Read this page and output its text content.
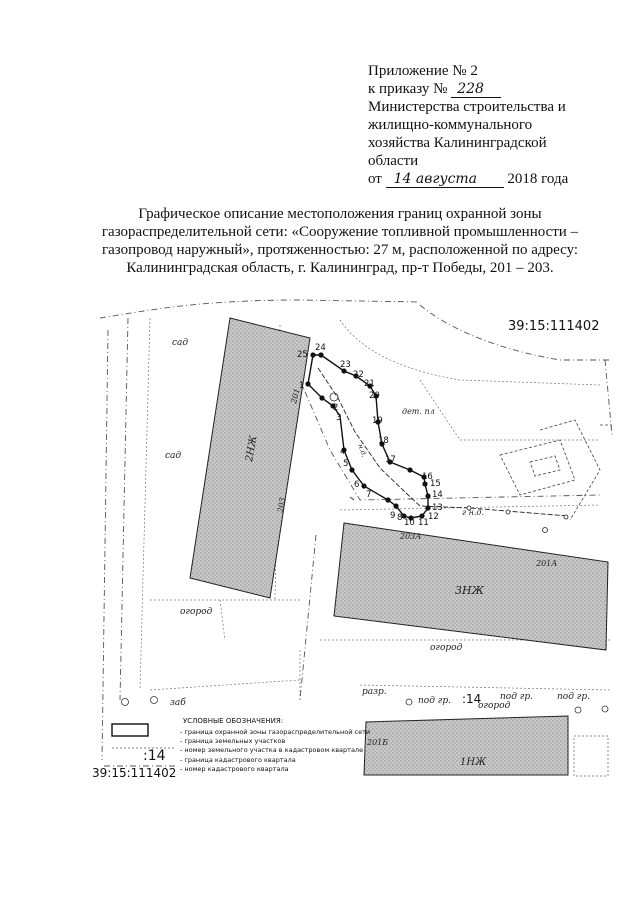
Приложение № 2
к приказу № 228
Министерства строительства и
жилищно-коммунального
хозяйства Калининградской
области
от 14 августа 2018 года
Графическое описание местоположения границ охранной зоны
газораспределительной сети: «Сооружение топливной промышленности –
газопровод наружный», протяженностью: 27 м, расположенной по адресу:
Калининградская область, г. Калининград, пр-т Победы, 201 – 203.
2НЖ
3НЖ
1НЖ
1
2
3
4
5
6
7
8 10 11
12
13
14
15
16
17
18
19
20
21
22
23
24
25
9
39:15:111402
сад
сад
дет. пл
огород
огород
огород
201
203
203А
201А
201Б
г н.д.
н.д.
под гр.	под гр.	под гр.
:14
разр.
заб
:14
39:15:111402
УСЛОВНЫЕ ОБОЗНАЧЕНИЯ:
- граница охранной зоны газораспределительной сети
- граница земельных участков
- номер земельного участка в кадастровом квартале
- граница кадастрового квартала
- номер кадастрового квартала
